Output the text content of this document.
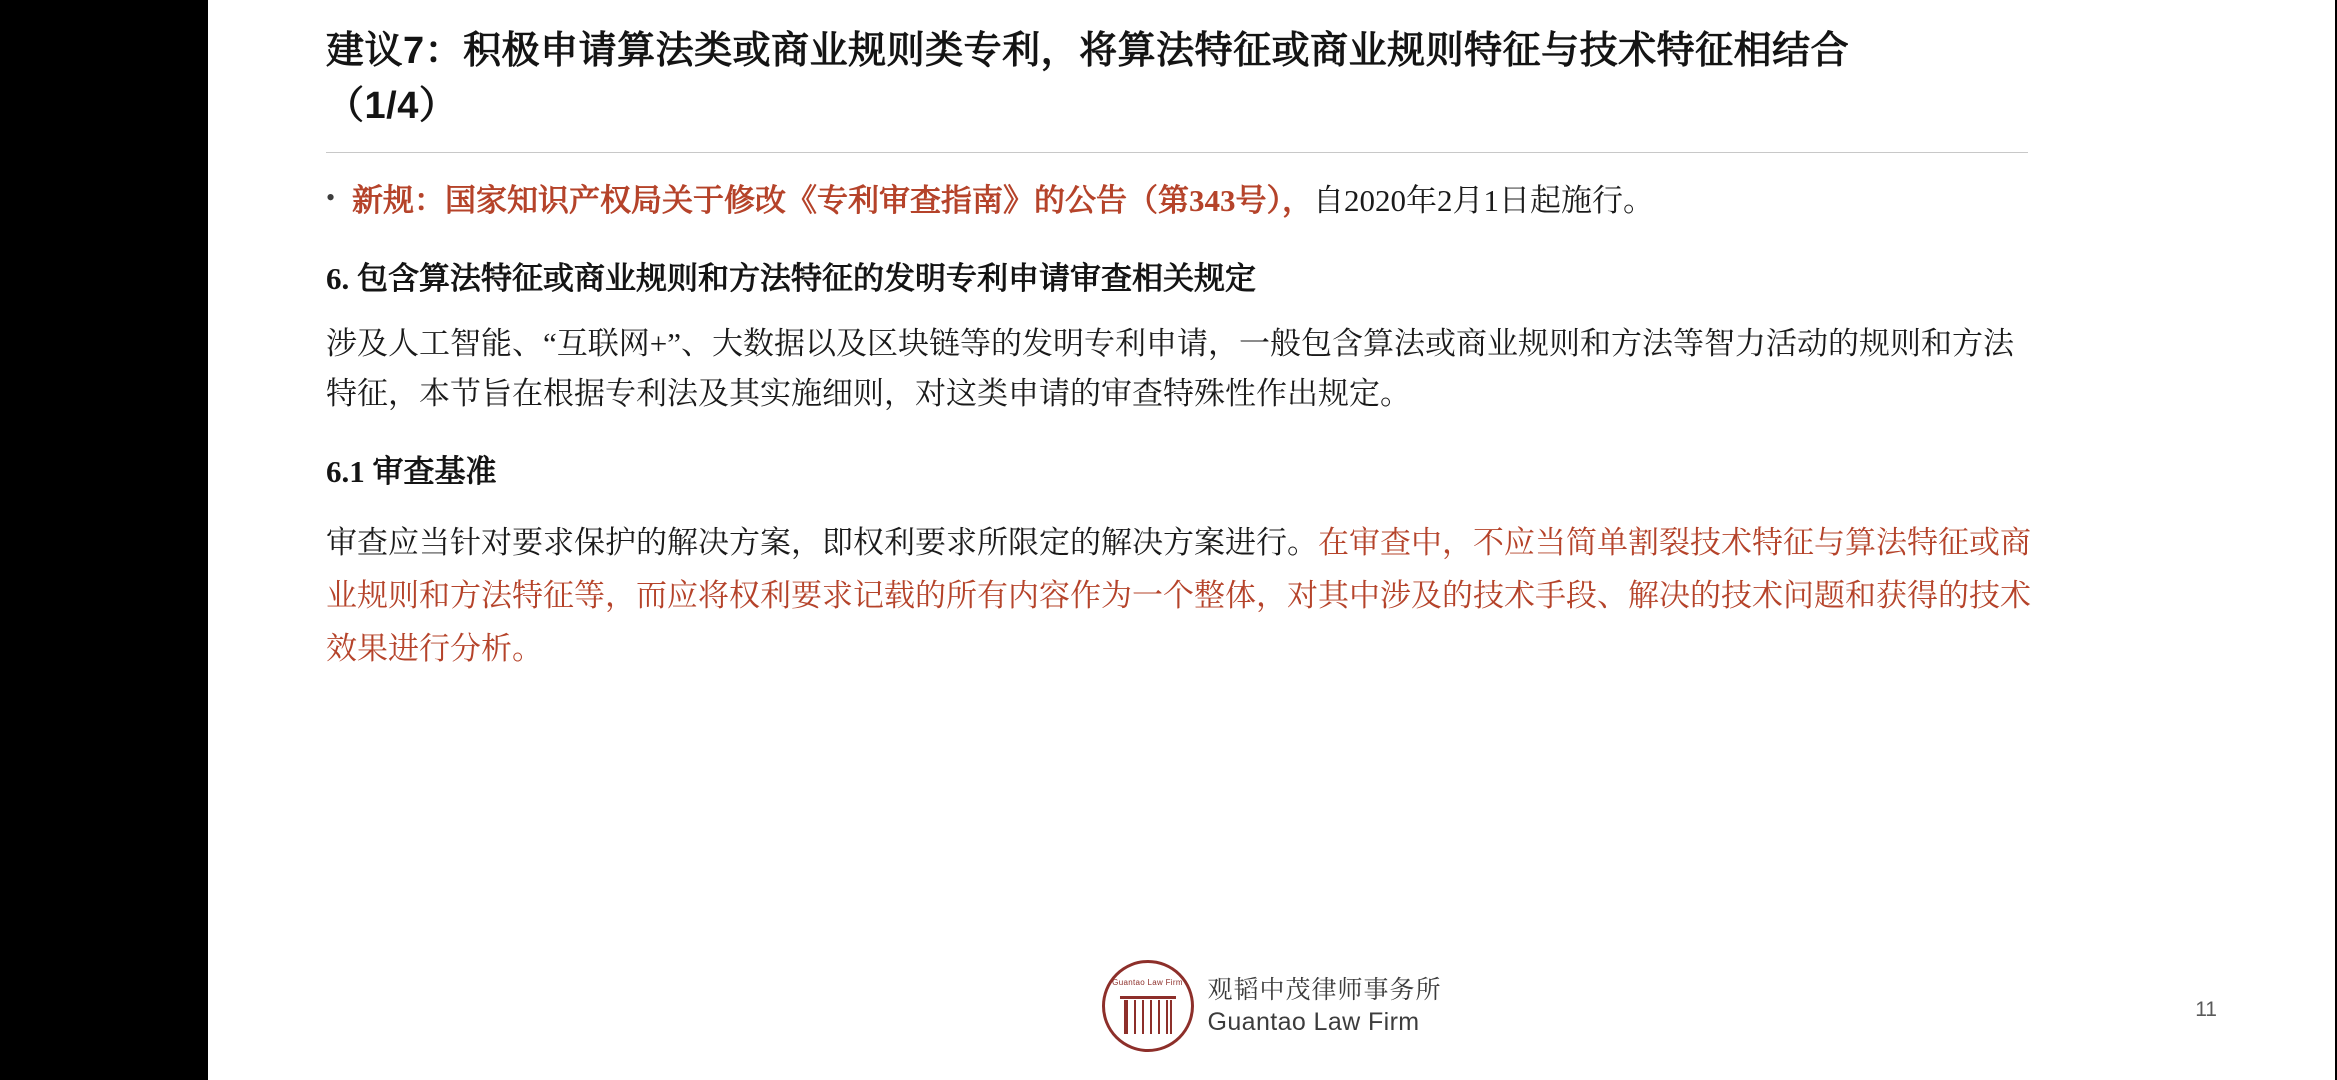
建议7：积极申请算法类或商业规则类专利，将算法特征或商业规则特征与技术特征相结合（1/4）
• 新规：国家知识产权局关于修改《专利审查指南》的公告（第343号），自2020年2月1日起施行。

6. 包含算法特征或商业规则和方法特征的发明专利申请审查相关规定

涉及人工智能、“互联网+”、大数据以及区块链等的发明专利申请，一般包含算法或商业规则和方法等智力活动的规则和方法特征，本节旨在根据专利法及其实施细则，对这类申请的审查特殊性作出规定。

6.1 审查基准

审查应当针对要求保护的解决方案，即权利要求所限定的解决方案进行。在审查中，不应当简单割裂技术特征与算法特征或商业规则和方法特征等，而应将权利要求记载的所有内容作为一个整体，对其中涉及的技术手段、解决的技术问题和获得的技术效果进行分析。

Guantao Law Firm 观韬中茂律师事务所
Guantao Law Firm	11
